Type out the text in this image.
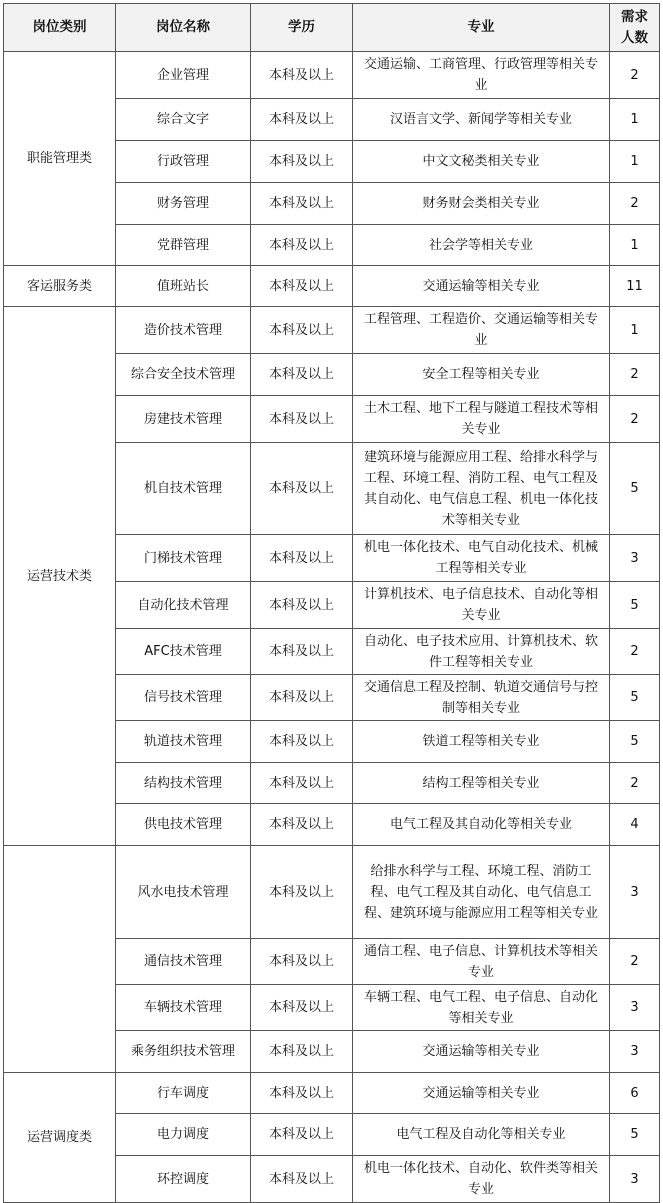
岗位类别	岗位名称	学历	专业	需求人数
职能管理类	企业管理	本科及以上	交通运输、工商管理、行政管理等相关专业	2
	综合文字	本科及以上	汉语言文学、新闻学等相关专业	1
	行政管理	本科及以上	中文文秘类相关专业	1
	财务管理	本科及以上	财务财会类相关专业	2
	党群管理	本科及以上	社会学等相关专业	1
客运服务类	值班站长	本科及以上	交通运输等相关专业	11
运营技术类	造价技术管理	本科及以上	工程管理、工程造价、交通运输等相关专业	1
	综合安全技术管理	本科及以上	安全工程等相关专业	2
	房建技术管理	本科及以上	土木工程、地下工程与隧道工程技术等相关专业	2
	机自技术管理	本科及以上	建筑环境与能源应用工程、给排水科学与工程、环境工程、消防工程、电气工程及其自动化、电气信息工程、机电一体化技术等相关专业	5
	门梯技术管理	本科及以上	机电一体化技术、电气自动化技术、机械工程等相关专业	3
	自动化技术管理	本科及以上	计算机技术、电子信息技术、自动化等相关专业	5
	AFC技术管理	本科及以上	自动化、电子技术应用、计算机技术、软件工程等相关专业	2
	信号技术管理	本科及以上	交通信息工程及控制、轨道交通信号与控制等相关专业	5
	轨道技术管理	本科及以上	铁道工程等相关专业	5
	结构技术管理	本科及以上	结构工程等相关专业	2
	供电技术管理	本科及以上	电气工程及其自动化等相关专业	4
	风水电技术管理	本科及以上	给排水科学与工程、环境工程、消防工程、电气工程及其自动化、电气信息工程、建筑环境与能源应用工程等相关专业	3
	通信技术管理	本科及以上	通信工程、电子信息、计算机技术等相关专业	2
	车辆技术管理	本科及以上	车辆工程、电气工程、电子信息、自动化等相关专业	3
	乘务组织技术管理	本科及以上	交通运输等相关专业	3
运营调度类	行车调度	本科及以上	交通运输等相关专业	6
	电力调度	本科及以上	电气工程及自动化等相关专业	5
	环控调度	本科及以上	机电一体化技术、自动化、软件类等相关专业	3
